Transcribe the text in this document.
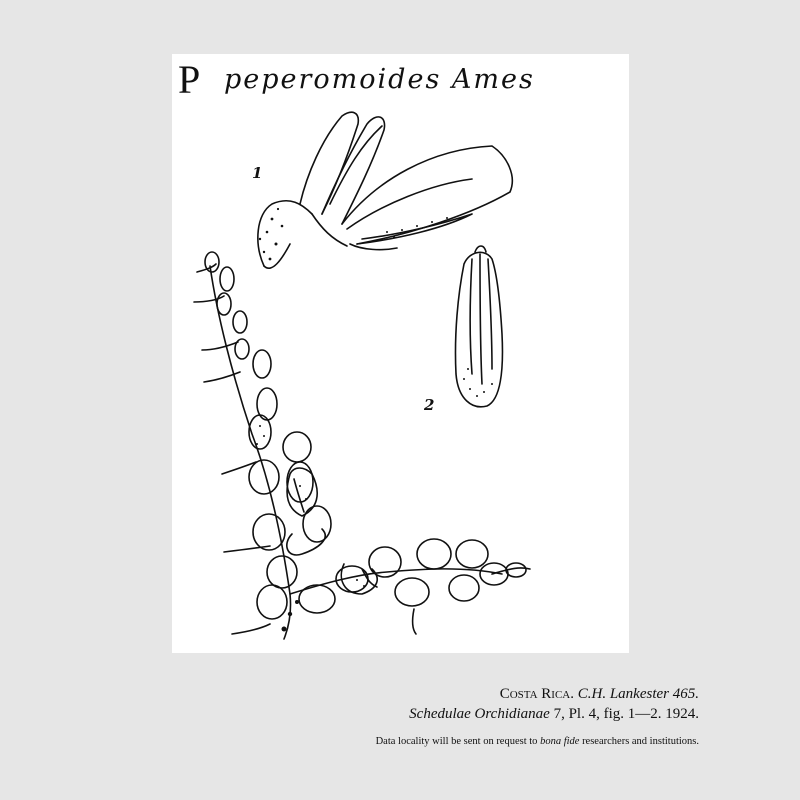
P peperomoides Ames
1
2
Costa Rica. C.H. Lankester 465.
Schedulae Orchidianae 7, Pl. 4, fig. 1—2. 1924.
Data locality will be sent on request to bona fide researchers and institutions.
